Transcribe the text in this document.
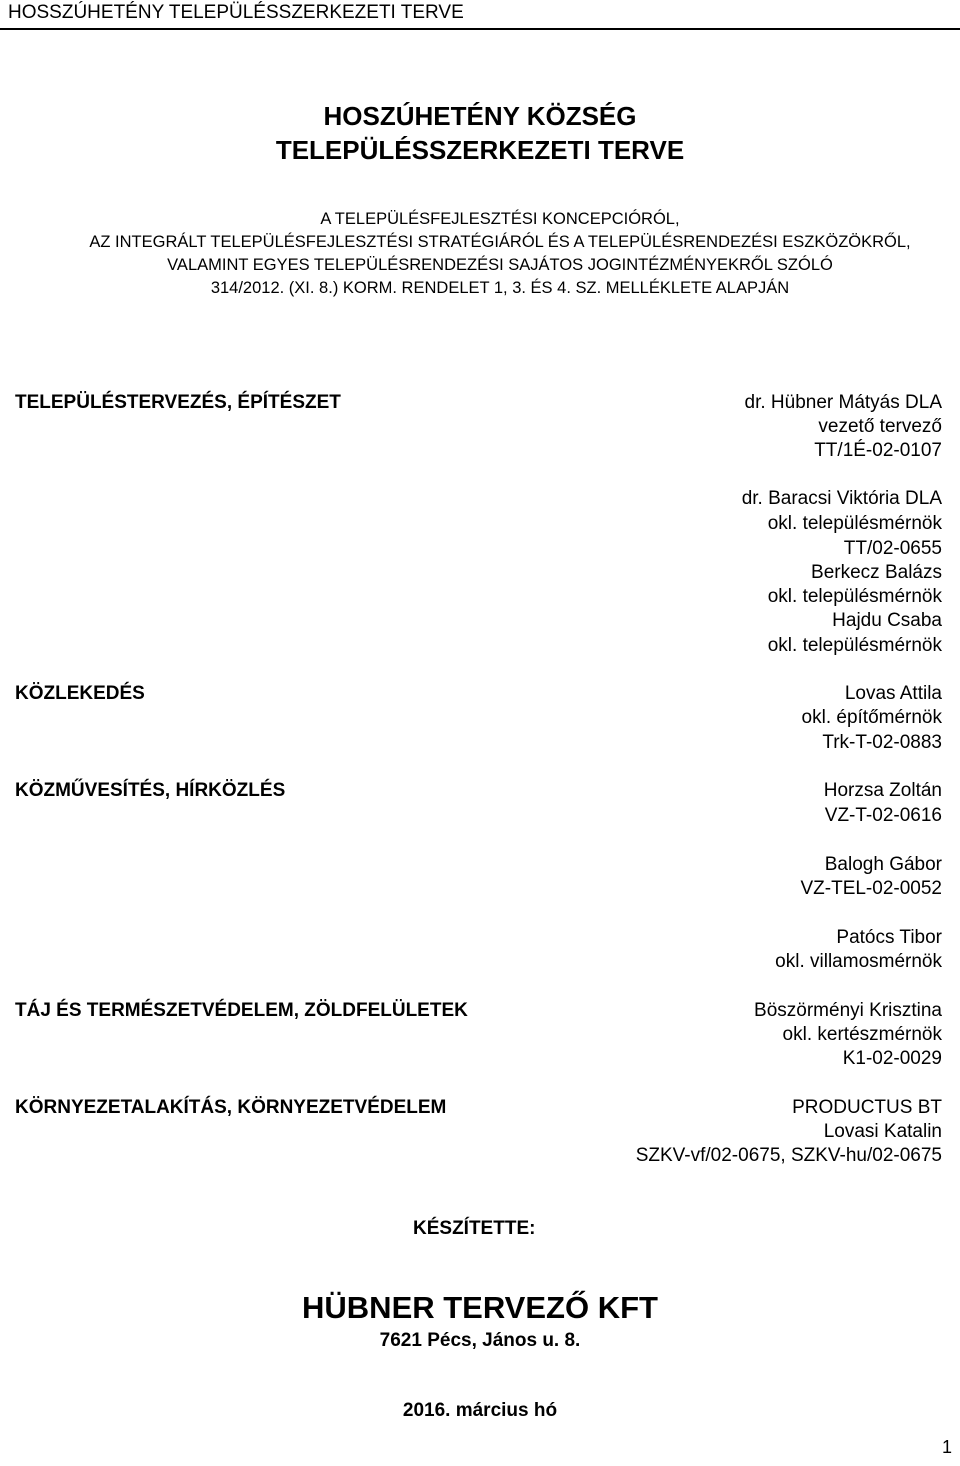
HOSSZÚHETÉNY TELEPÜLÉSSZERKEZETI TERVE
HOSZÚHETÉNY KÖZSÉG
TELEPÜLÉSSZERKEZETI TERVE
A TELEPÜLÉSFEJLESZTÉSI KONCEPCIÓRÓL,
AZ INTEGRÁLT TELEPÜLÉSFEJLESZTÉSI STRATÉGIÁRÓL ÉS A TELEPÜLÉSRENDEZÉSI ESZKÖZÖKRŐL,
VALAMINT EGYES TELEPÜLÉSRENDEZÉSI SAJÁTOS JOGINTÉZMÉNYEKRŐL SZÓLÓ
314/2012. (XI. 8.) KORM. RENDELET 1, 3. ÉS 4. SZ. MELLÉKLETE ALAPJÁN
TELEPÜLÉSTERVEZÉS, ÉPÍTÉSZET
KÖZLEKEDÉS
KÖZMŰVESÍTÉS, HÍRKÖZLÉS
TÁJ ÉS TERMÉSZETVÉDELEM, ZÖLDFELÜLETEK
KÖRNYEZETALAKÍTÁS, KÖRNYEZETVÉDELEM
dr. Hübner Mátyás DLA
vezető tervező
TT/1É-02-0107
dr. Baracsi Viktória DLA
okl. településmérnök
TT/02-0655
Berkecz Balázs
okl. településmérnök
Hajdu Csaba
okl. településmérnök
Lovas Attila
okl. építőmérnök
Trk-T-02-0883
Horzsa Zoltán
VZ-T-02-0616
Balogh Gábor
VZ-TEL-02-0052
Patócs Tibor
okl. villamosmérnök
Böszörményi Krisztina
okl. kertészmérnök
K1-02-0029
PRODUCTUS BT
Lovasi Katalin
SZKV-vf/02-0675, SZKV-hu/02-0675
KÉSZÍTETTE:
HÜBNER TERVEZŐ KFT
7621 Pécs, János u. 8.
2016. március hó
1
